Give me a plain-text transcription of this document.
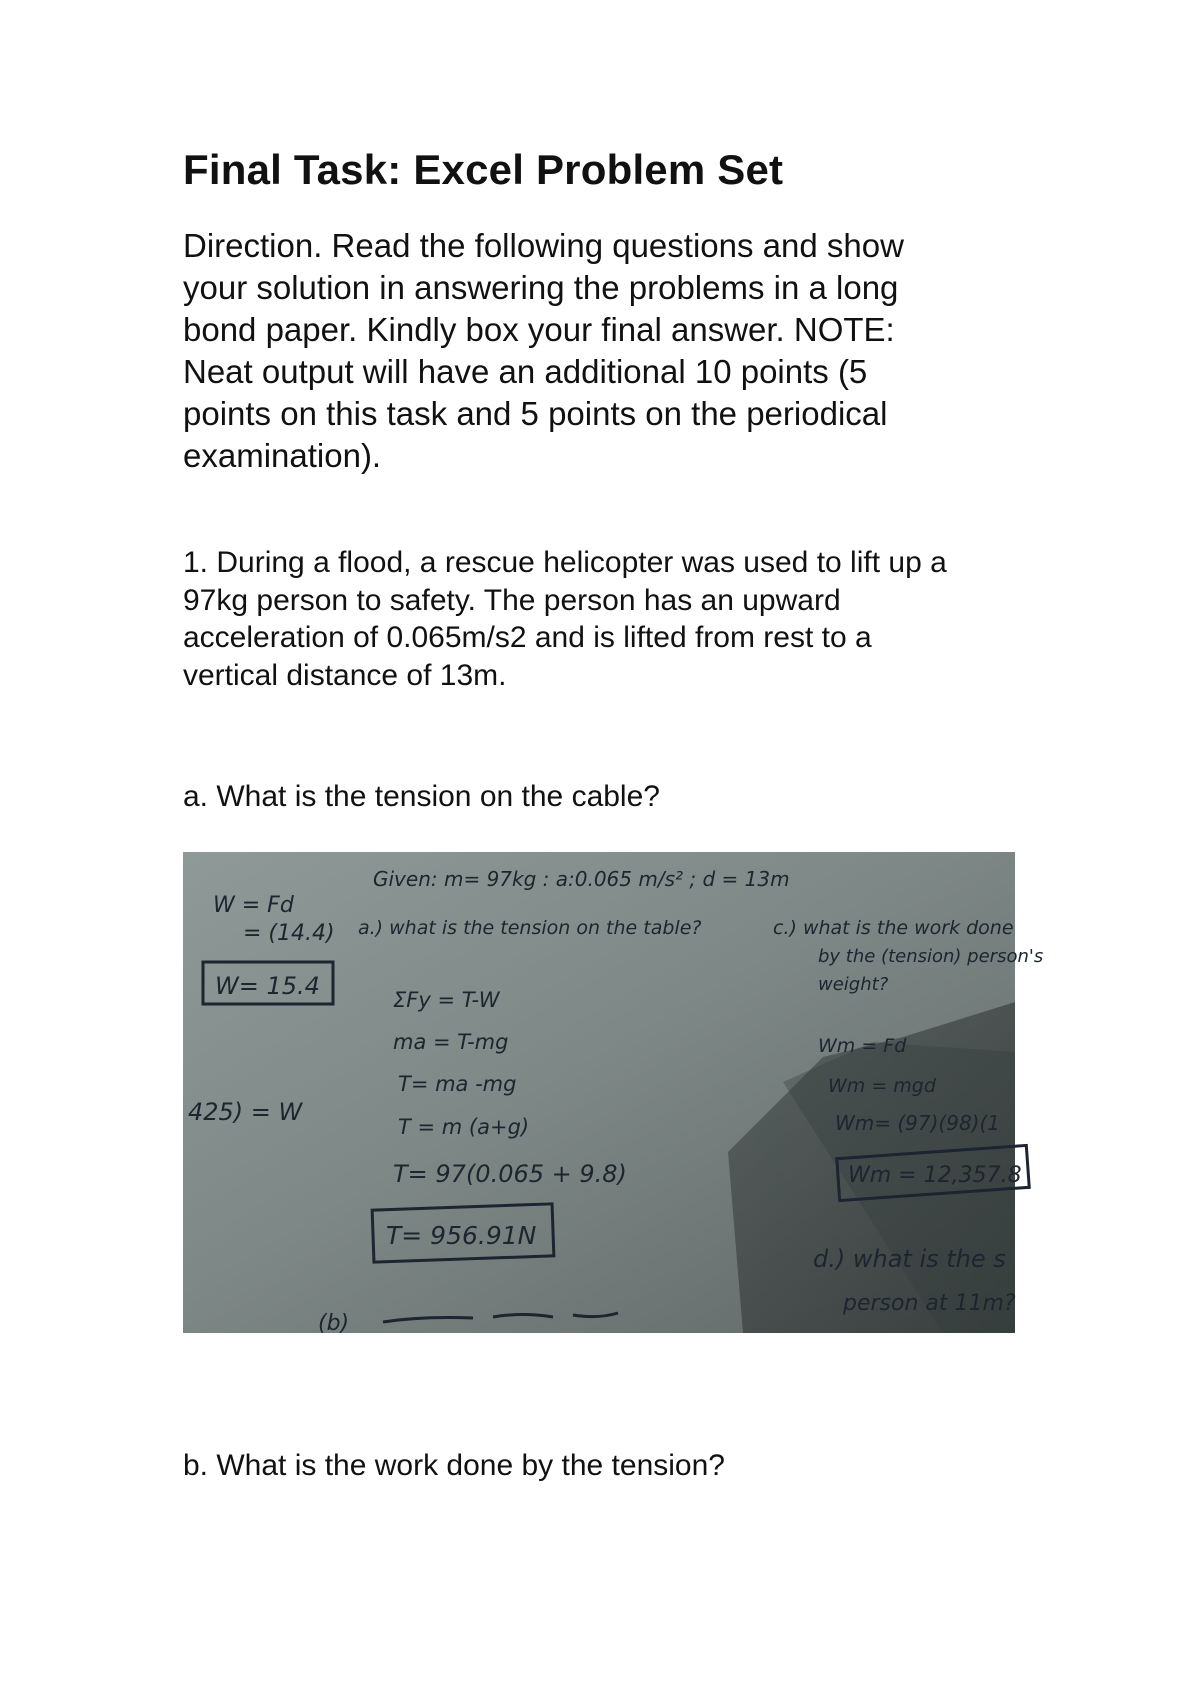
Final Task: Excel Problem Set

Direction. Read the following questions and show
your solution in answering the problems in a long
bond paper. Kindly box your final answer. NOTE:
Neat output will have an additional 10 points (5
points on this task and 5 points on the periodical
examination).

1. During a flood, a rescue helicopter was used to lift up a
97kg person to safety. The person has an upward
acceleration of 0.065m/s2 and is lifted from rest to a
vertical distance of 13m.

a. What is the tension on the cable?

Given: m= 97kg : a:0.065 m/s² ; d = 13m
a.) what is the tension on the table?
ΣFy = T-W
ma = T-mg
T= ma -mg
T = m (a+g)
T= 97(0.065 + 9.8)
T= 956.91N
W = Fd
= (14.4)
W= 15.4
425) = W
c.) what is the work done
by the (tension) person's
weight?
Wm = Fd
Wm = mgd
Wm= (97)(98)(1
Wm = 12,357.8
d.) what is the s
person at 11m?
(b)

b. What is the work done by the tension?
